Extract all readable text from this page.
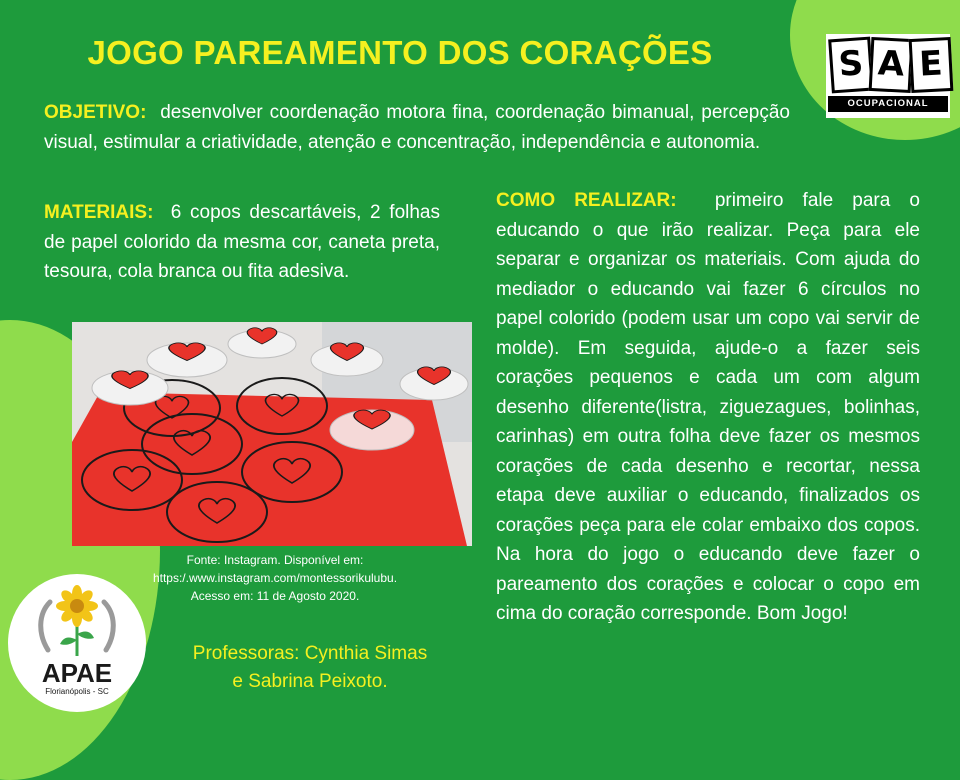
JOGO PAREAMENTO DOS CORAÇÕES
OBJETIVO: desenvolver coordenação motora fina, coordenação bimanual, percepção visual, estimular a criatividade, atenção e concentração, independência e autonomia.
MATERIAIS: 6 copos descartáveis, 2 folhas de papel colorido da mesma cor, caneta preta, tesoura, cola branca ou fita adesiva.
COMO REALIZAR: primeiro fale para o educando o que irão realizar. Peça para ele separar e organizar os materiais. Com ajuda do mediador o educando vai fazer 6 círculos no papel colorido (podem usar um copo vai servir de molde). Em seguida, ajude-o a fazer seis corações pequenos e cada um com algum desenho diferente(listra, ziguezagues, bolinhas, carinhas) em outra folha deve fazer os mesmos corações de cada desenho e recortar, nessa etapa deve auxiliar o educando, finalizados os corações peça para ele colar embaixo dos copos. Na hora do jogo o educando deve fazer o pareamento dos corações e colocar o copo em cima do coração corresponde. Bom Jogo!
Fonte: Instagram. Disponível em:
https:/.www.instagram.com/montessorikulubu.
Acesso em: 11 de Agosto 2020.
Professoras: Cynthia Simas
e Sabrina Peixoto.
S A E
OCUPACIONAL
APAE
Florianópolis - SC
